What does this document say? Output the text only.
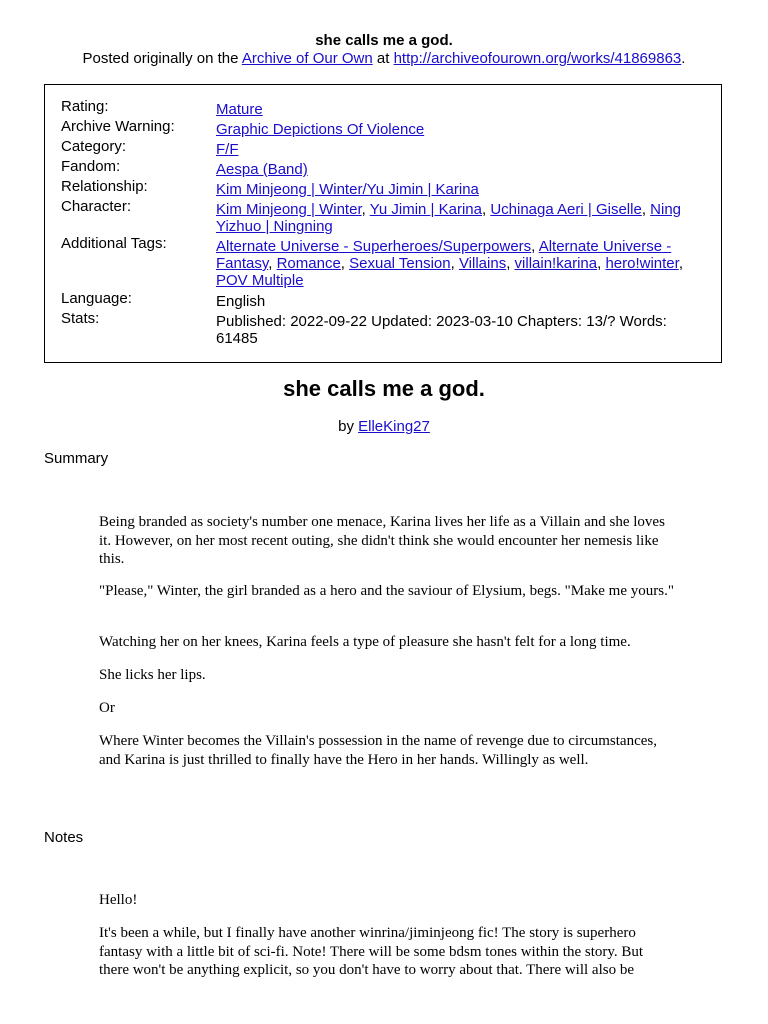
she calls me a god.
Posted originally on the Archive of Our Own at http://archiveofourown.org/works/41869863.
Rating:	Mature
Archive Warning:	Graphic Depictions Of Violence
Category:	F/F
Fandom:	Aespa (Band)
Relationship:	Kim Minjeong | Winter/Yu Jimin | Karina
Character:	Kim Minjeong | Winter, Yu Jimin | Karina, Uchinaga Aeri | Giselle, Ning Yizhuo | Ningning
Additional Tags:	Alternate Universe - Superheroes/Superpowers, Alternate Universe - Fantasy, Romance, Sexual Tension, Villains, villain!karina, hero!winter, POV Multiple
Language:	English
Stats:	Published: 2022-09-22 Updated: 2023-03-10 Chapters: 13/? Words: 61485
she calls me a god.
by ElleKing27
Summary

Being branded as society's number one menace, Karina lives her life as a Villain and she loves it. However, on her most recent outing, she didn't think she would encounter her nemesis like this.

"Please," Winter, the girl branded as a hero and the saviour of Elysium, begs. "Make me yours."

Watching her on her knees, Karina feels a type of pleasure she hasn't felt for a long time.

She licks her lips.

Or

Where Winter becomes the Villain's possession in the name of revenge due to circumstances, and Karina is just thrilled to finally have the Hero in her hands. Willingly as well.

Notes

Hello!

It's been a while, but I finally have another winrina/jiminjeong fic! The story is superhero fantasy with a little bit of sci-fi. Note! There will be some bdsm tones within the story. But there won't be anything explicit, so you don't have to worry about that. There will also be
